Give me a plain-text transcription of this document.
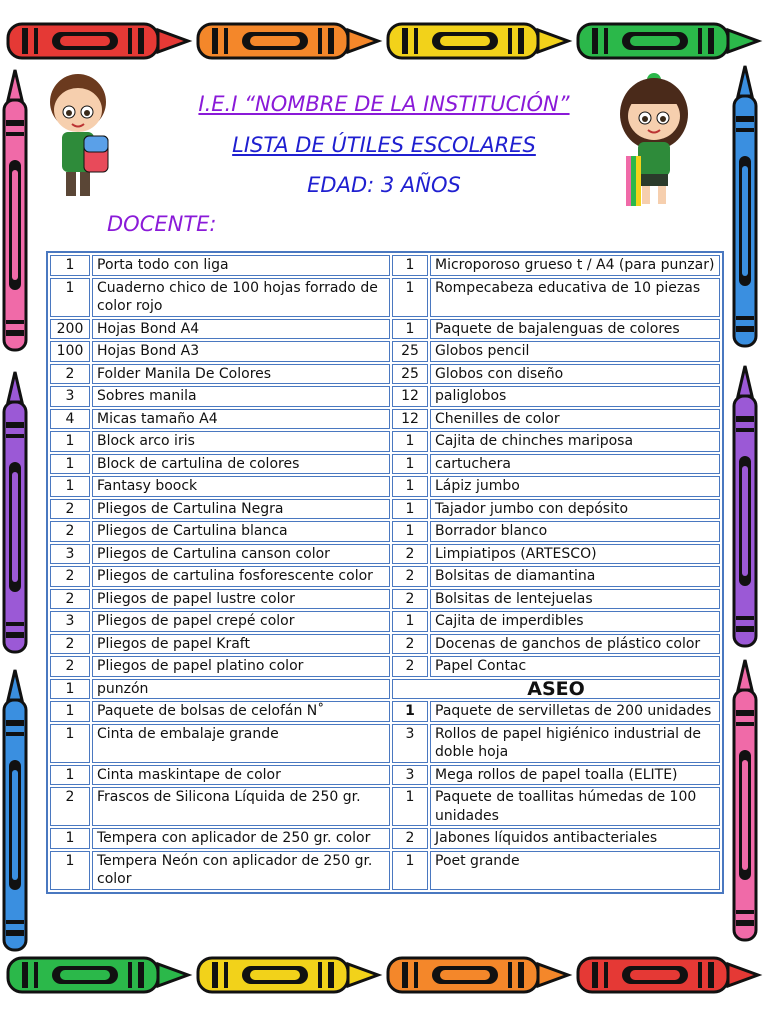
I.E.I “NOMBRE DE LA INSTITUCIÓN”
LISTA DE ÚTILES ESCOLARES
EDAD: 3 AÑOS
DOCENTE:
1	Porta todo con liga	1	Microporoso grueso t / A4 (para punzar)
1	Cuaderno chico de 100 hojas forrado de color rojo	1	Rompecabeza educativa de 10 piezas
200	Hojas Bond A4	1	Paquete de bajalenguas de colores
100	Hojas Bond A3	25	Globos pencil
2	Folder Manila De Colores	25	Globos con diseño
3	Sobres manila	12	paliglobos
4	Micas tamaño A4	12	Chenilles de color
1	Block arco iris	1	Cajita de chinches mariposa
1	Block de cartulina de colores	1	cartuchera
1	Fantasy boock	1	Lápiz jumbo
2	Pliegos de Cartulina Negra	1	Tajador jumbo con depósito
2	Pliegos de Cartulina blanca	1	Borrador blanco
3	Pliegos de Cartulina canson color	2	Limpiatipos (ARTESCO)
2	Pliegos de cartulina fosforescente color	2	Bolsitas de diamantina
2	Pliegos de papel lustre color	2	Bolsitas de lentejuelas
3	Pliegos de papel crepé color	1	Cajita de imperdibles
2	Pliegos de papel Kraft	2	Docenas de ganchos de plástico color
2	Pliegos de papel platino color	2	Papel Contac
1	punzón	ASEO	
1	Paquete de bolsas de celofán N˚	1	Paquete de servilletas de 200 unidades
1	Cinta de embalaje grande	3	Rollos de papel higiénico industrial de doble hoja
1	Cinta maskintape de color	3	Mega rollos de papel toalla (ELITE)
2	Frascos de Silicona Líquida de 250 gr.	1	Paquete de toallitas húmedas de 100 unidades
1	Tempera con aplicador de 250 gr. color	2	Jabones líquidos antibacteriales
1	Tempera Neón con aplicador de 250 gr. color	1	Poet grande
